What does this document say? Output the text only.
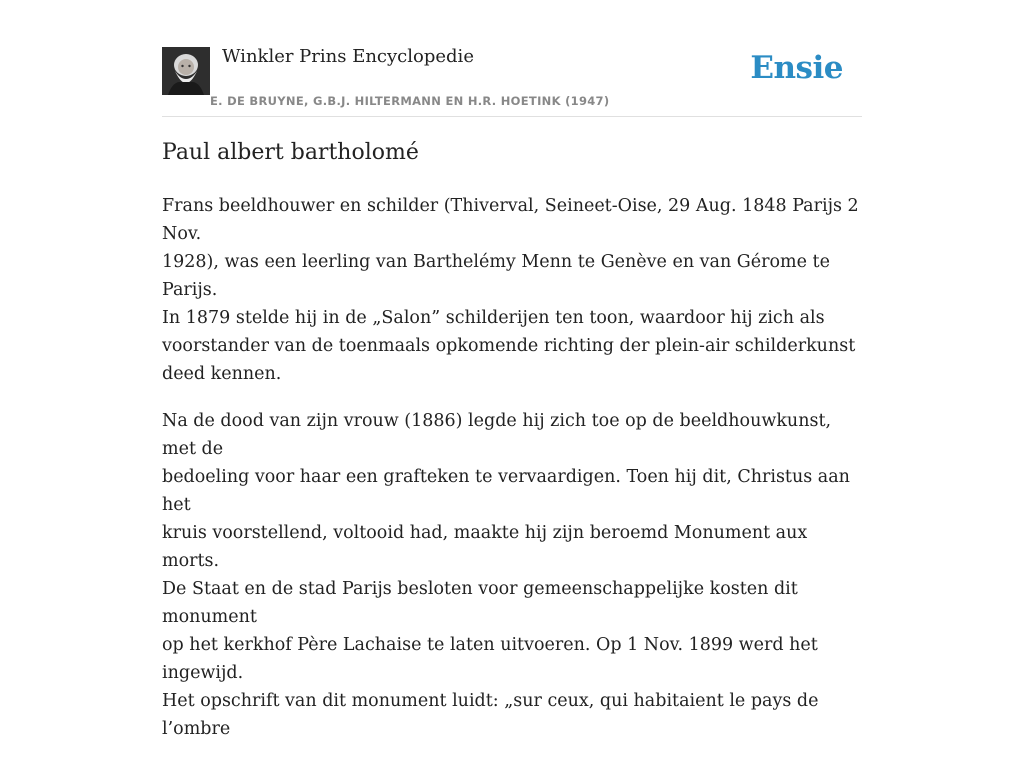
Winkler Prins Encyclopedie
E. DE BRUYNE, G.B.J. HILTERMANN EN H.R. HOETINK (1947)
Ensie
Paul albert bartholomé

Frans beeldhouwer en schilder (Thiverval, Seineet-Oise, 29 Aug. 1848 Parijs 2 Nov.
1928), was een leerling van Barthelémy Menn te Genève en van Gérome te Parijs.
In 1879 stelde hij in de „Salon” schilderijen ten toon, waardoor hij zich als
voorstander van de toenmaals opkomende richting der plein-air schilderkunst
deed kennen.

Na de dood van zijn vrouw (1886) legde hij zich toe op de beeldhouwkunst, met de
bedoeling voor haar een grafteken te vervaardigen. Toen hij dit, Christus aan het
kruis voorstellend, voltooid had, maakte hij zijn beroemd Monument aux morts.
De Staat en de stad Parijs besloten voor gemeenschappelijke kosten dit monument
op het kerkhof Père Lachaise te laten uitvoeren. Op 1 Nov. 1899 werd het ingewijd.
Het opschrift van dit monument luidt: „sur ceux, qui habitaient le pays de l’ombre
